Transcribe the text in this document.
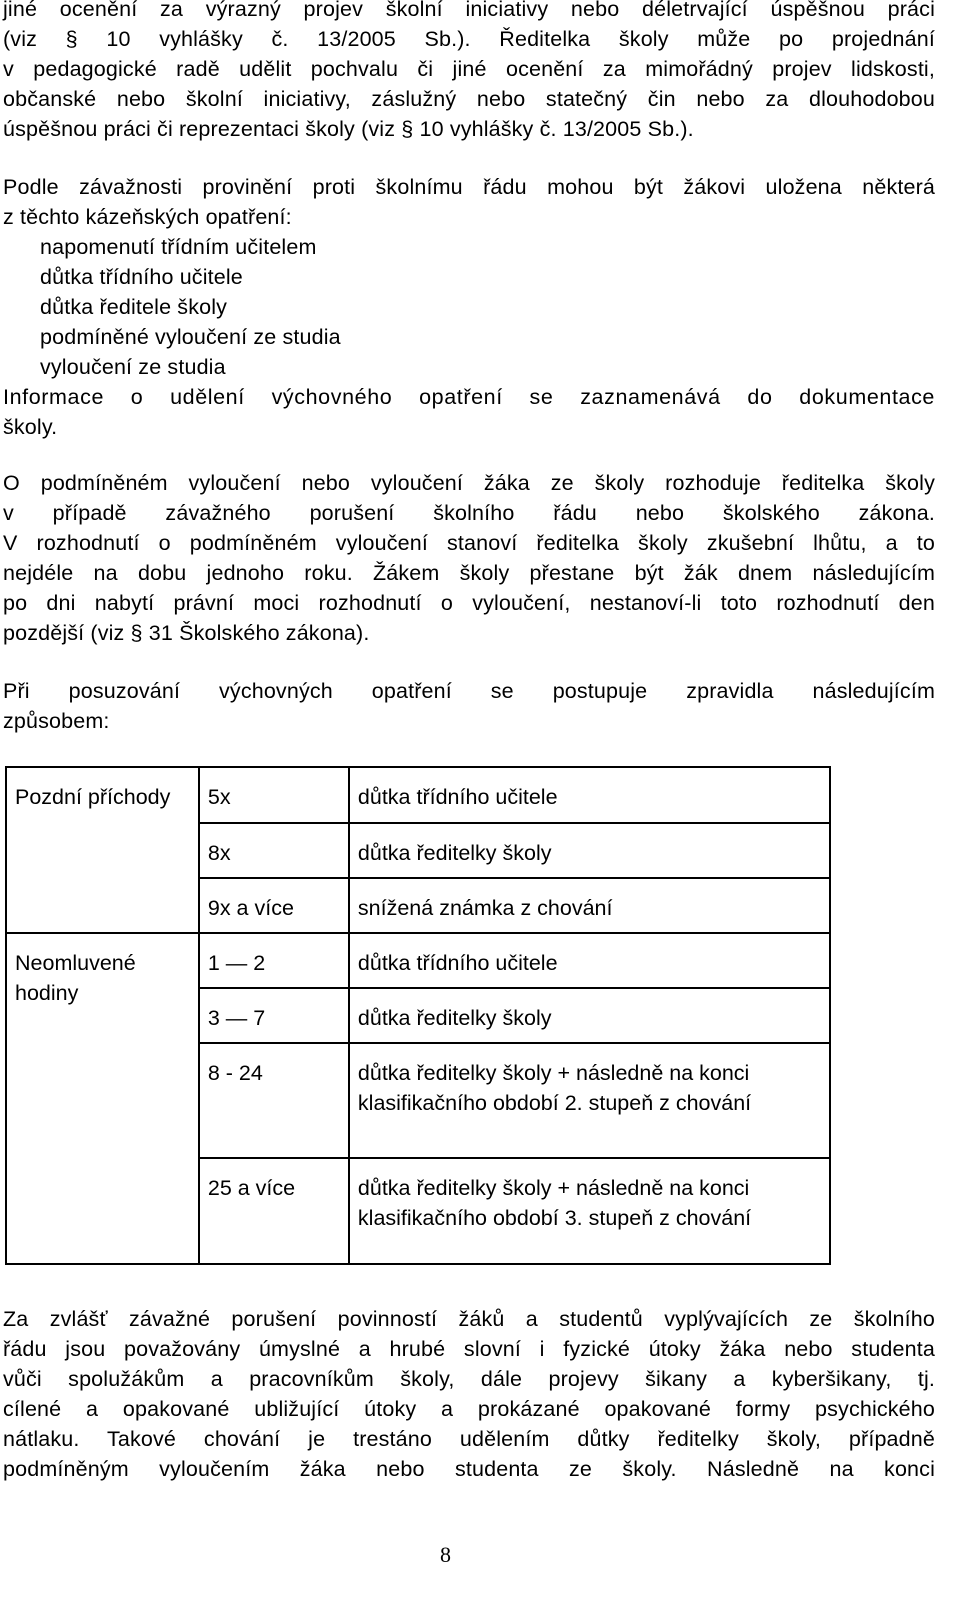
jiné ocenění za výrazný projev školní iniciativy nebo déletrvající úspěšnou práci
(viz § 10 vyhlášky č. 13/2005 Sb.). Ředitelka školy může po projednání
v pedagogické radě udělit pochvalu či jiné ocenění za mimořádný projev lidskosti,
občanské nebo školní iniciativy, záslužný nebo statečný čin nebo za dlouhodobou
úspěšnou práci či reprezentaci školy (viz § 10 vyhlášky č. 13/2005 Sb.).
Podle závažnosti provinění proti školnímu řádu mohou být žákovi uložena některá
z těchto kázeňských opatření:
napomenutí třídním učitelem
důtka třídního učitele
důtka ředitele školy
podmíněné vyloučení ze studia
vyloučení ze studia
Informace o udělení výchovného opatření se zaznamenává do dokumentace
školy.
O podmíněném vyloučení nebo vyloučení žáka ze školy rozhoduje ředitelka školy
v případě závažného porušení školního řádu nebo školského zákona.
V rozhodnutí o podmíněném vyloučení stanoví ředitelka školy zkušební lhůtu, a to
nejdéle na dobu jednoho roku. Žákem školy přestane být žák dnem následujícím
po dni nabytí právní moci rozhodnutí o vyloučení, nestanoví-li toto rozhodnutí den
pozdější (viz § 31 Školského zákona).
Při posuzování výchovných opatření se postupuje zpravidla následujícím
způsobem:
Pozdní příchody	5x	důtka třídního učitele
	8x	důtka ředitelky školy
	9x a více	snížená známka z chování
Neomluvené hodiny	1 — 2	důtka třídního učitele
	3 — 7	důtka ředitelky školy
	8 - 24	důtka ředitelky školy + následně na konci klasifikačního období 2. stupeň z chování
	25 a více	důtka ředitelky školy + následně na konci klasifikačního období 3. stupeň z chování
Za zvlášť závažné porušení povinností žáků a studentů vyplývajících ze školního
řádu jsou považovány úmyslné a hrubé slovní i fyzické útoky žáka nebo studenta
vůči spolužákům a pracovníkům školy, dále projevy šikany a kyberšikany, tj.
cílené a opakované ubližující útoky a prokázané opakované formy psychického
nátlaku. Takové chování je trestáno udělením důtky ředitelky školy, případně
podmíněným vyloučením žáka nebo studenta ze školy. Následně na konci
8
